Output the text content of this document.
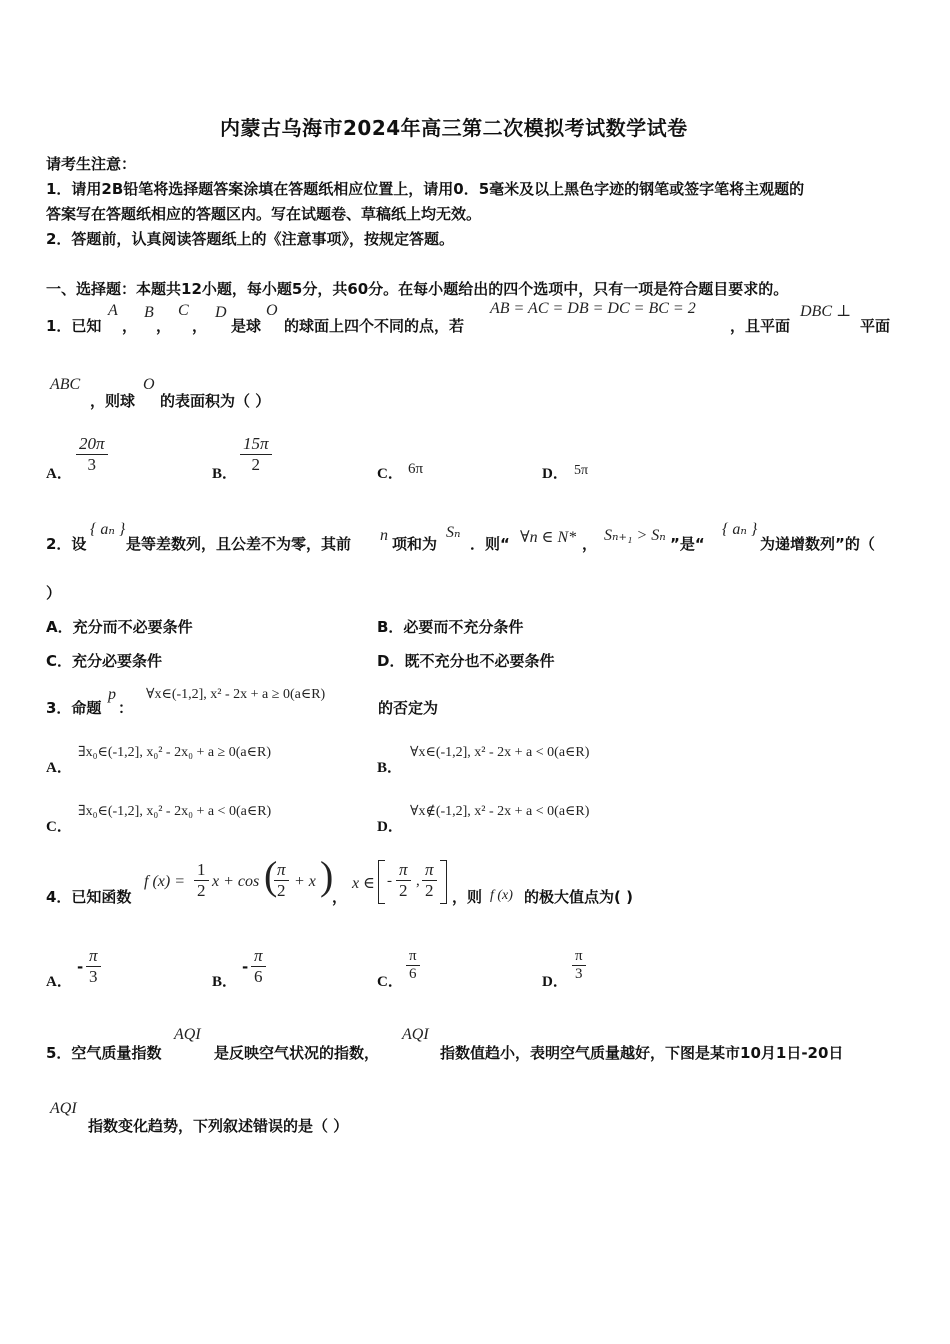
内蒙古乌海市2024年高三第二次模拟考试数学试卷
请考生注意：
1．请用2B铅笔将选择题答案涂填在答题纸相应位置上，请用0．5毫米及以上黑色字迹的钢笔或签字笔将主观题的
答案写在答题纸相应的答题区内。写在试题卷、草稿纸上均无效。
2．答题前，认真阅读答题纸上的《注意事项》，按规定答题。
一、选择题：本题共12小题，每小题5分，共60分。在每小题给出的四个选项中，只有一项是符合题目要求的。
1．已知
A
，
B
，
C
，
D
是球
O
的球面上四个不同的点，若
AB = AC = DB = DC = BC = 2
，且平面
DBC ⊥
平面
ABC
，则球
O
的表面积为（ ）
A． $\frac{20\pi}{3}$	B． $\frac{15\pi}{2}$	C． 6π	D． 5π
2．设
{ aₙ }
是等差数列，且公差不为零，其前 n 项和为
Sₙ
．则“ ∀n ∈ N* ， Sₙ₊₁ > Sₙ ”是“
{ aₙ }
为递增数列”的（
）
A．充分而不必要条件	B．必要而不充分条件
C．充分必要条件	D．既不充分也不必要条件
3．命题
p
：
∀x∈(-1,2], x² - 2x + a ≥ 0(a∈R)
的否定为
A．
∃x₀∈(-1,2], x₀² - 2x₀ + a ≥ 0(a∈R)
B．
∀x∈(-1,2], x² - 2x + a < 0(a∈R)
C．
∃x₀∈(-1,2], x₀² - 2x₀ + a < 0(a∈R)
D．
∀x∉(-1,2], x² - 2x + a < 0(a∈R)
4．已知函数
f $(x) = \frac{1}{2}$ x + cos (
$\frac{\pi}{2} + x$ )
，
x ∈ - $\frac{\pi}{2}$ , $\frac{\pi}{2}$ ，则 f (x) 的极大值点为( )
A．
- $\frac{\pi}{3}$	B．
- $\frac{\pi}{6}$	C． $\frac{\pi}{6}$	D． $\frac{\pi}{3}$
5．空气质量指数
AQI
是反映空气状况的指数，
AQI
指数值趋小，表明空气质量越好，下图是某市10月1日-20日
AQI
指数变化趋势，下列叙述错误的是（ ）
